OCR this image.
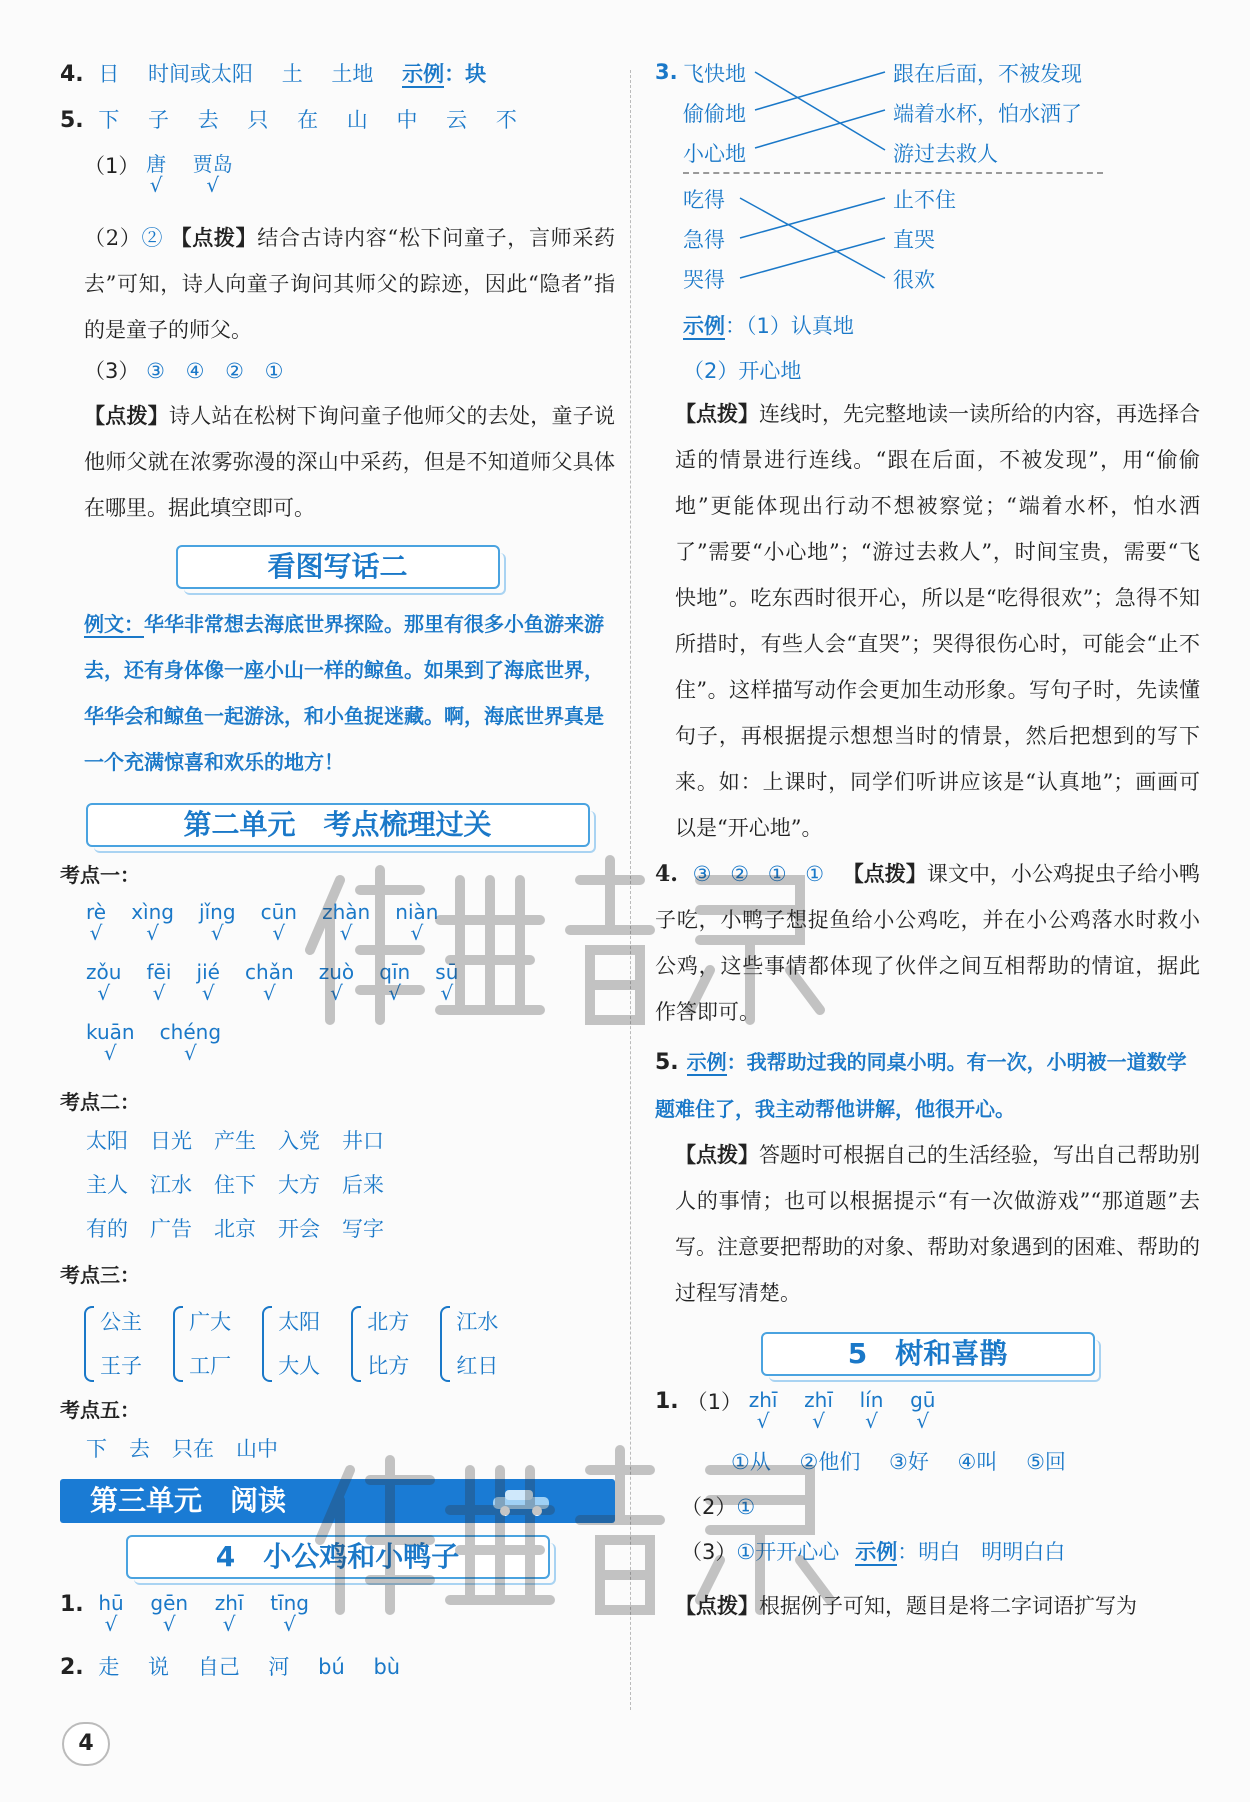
4. 日 时间或太阳 土 土地 示例：块
5. 下 子 去 只 在 山 中 云 不
（1） 唐
√

贾岛
√
（2）② 【点拨】结合古诗内容“松下问童子，言师采药去”可知，诗人向童子询问其师父的踪迹，因此“隐者”指的是童子的师父。
（3） ③ ④ ② ①
【点拨】诗人站在松树下询问童子他师父的去处，童子说他师父就在浓雾弥漫的深山中采药，但是不知道师父具体在哪里。据此填空即可。
看图写话二
例文：华华非常想去海底世界探险。那里有很多小鱼游来游去，还有身体像一座小山一样的鲸鱼。如果到了海底世界，华华会和鲸鱼一起游泳，和小鱼捉迷藏。啊，海底世界真是一个充满惊喜和欢乐的地方！
第二单元　考点梳理过关
考点一：
rè
√

xìng
√

jǐng
√

cūn
√

zhàn
√

niàn
√
zǒu
√

fēi
√

jié
√

chǎn
√

zuò
√

qīn
√

sū
√
kuān
√

chéng
√
考点二：
太阳 日光 产生 入党 井口
主人 江水 住下 大方 后来
有的 广告 北京 开会 写字
考点三：
公主
王子

广大
工厂

太阳
大人

北方
比方

江水
红日
考点五：
下 去 只在 山中
第三单元　阅读
4　小公鸡和小鸭子
1. hū
√

gēn
√

zhī
√

tīng
√
2. 走 说 自己 河 bú bù
3. 飞快地
偷偷地
小心地
跟在后面，不被发现
端着水杯，怕水洒了
游过去救人
吃得
急得
哭得
止不住
直哭
很欢
示例：（1）认真地
（2）开心地
【点拨】连线时，先完整地读一读所给的内容，再选择合适的情景进行连线。“跟在后面，不被发现”，用“偷偷地”更能体现出行动不想被察觉；“端着水杯，怕水洒了”需要“小心地”；“游过去救人”，时间宝贵，需要“飞快地”。吃东西时很开心，所以是“吃得很欢”；急得不知所措时，有些人会“直哭”；哭得很伤心时，可能会“止不住”。这样描写动作会更加生动形象。写句子时，先读懂句子，再根据提示想想当时的情景，然后把想到的写下来。如：上课时，同学们听讲应该是“认真地”；画画可以是“开心地”。
4. ③ ② ① ① 【点拨】课文中，小公鸡捉虫子给小鸭子吃，小鸭子想捉鱼给小公鸡吃，并在小公鸡落水时救小公鸡，这些事情都体现了伙伴之间互相帮助的情谊，据此作答即可。
5. 示例：我帮助过我的同桌小明。有一次，小明被一道数学题难住了，我主动帮他讲解，他很开心。
【点拨】答题时可根据自己的生活经验，写出自己帮助别人的事情；也可以根据提示“有一次做游戏”“那道题”去写。注意要把帮助的对象、帮助对象遇到的困难、帮助的过程写清楚。
5　树和喜鹊
1. （1） zhī
√

zhī
√

lín
√

gū
√
①从 ②他们 ③好 ④叫 ⑤回
（2）①
（3）①开开心心 示例：明白　明明白白
【点拨】根据例子可知，题目是将二字词语扩写为
4
